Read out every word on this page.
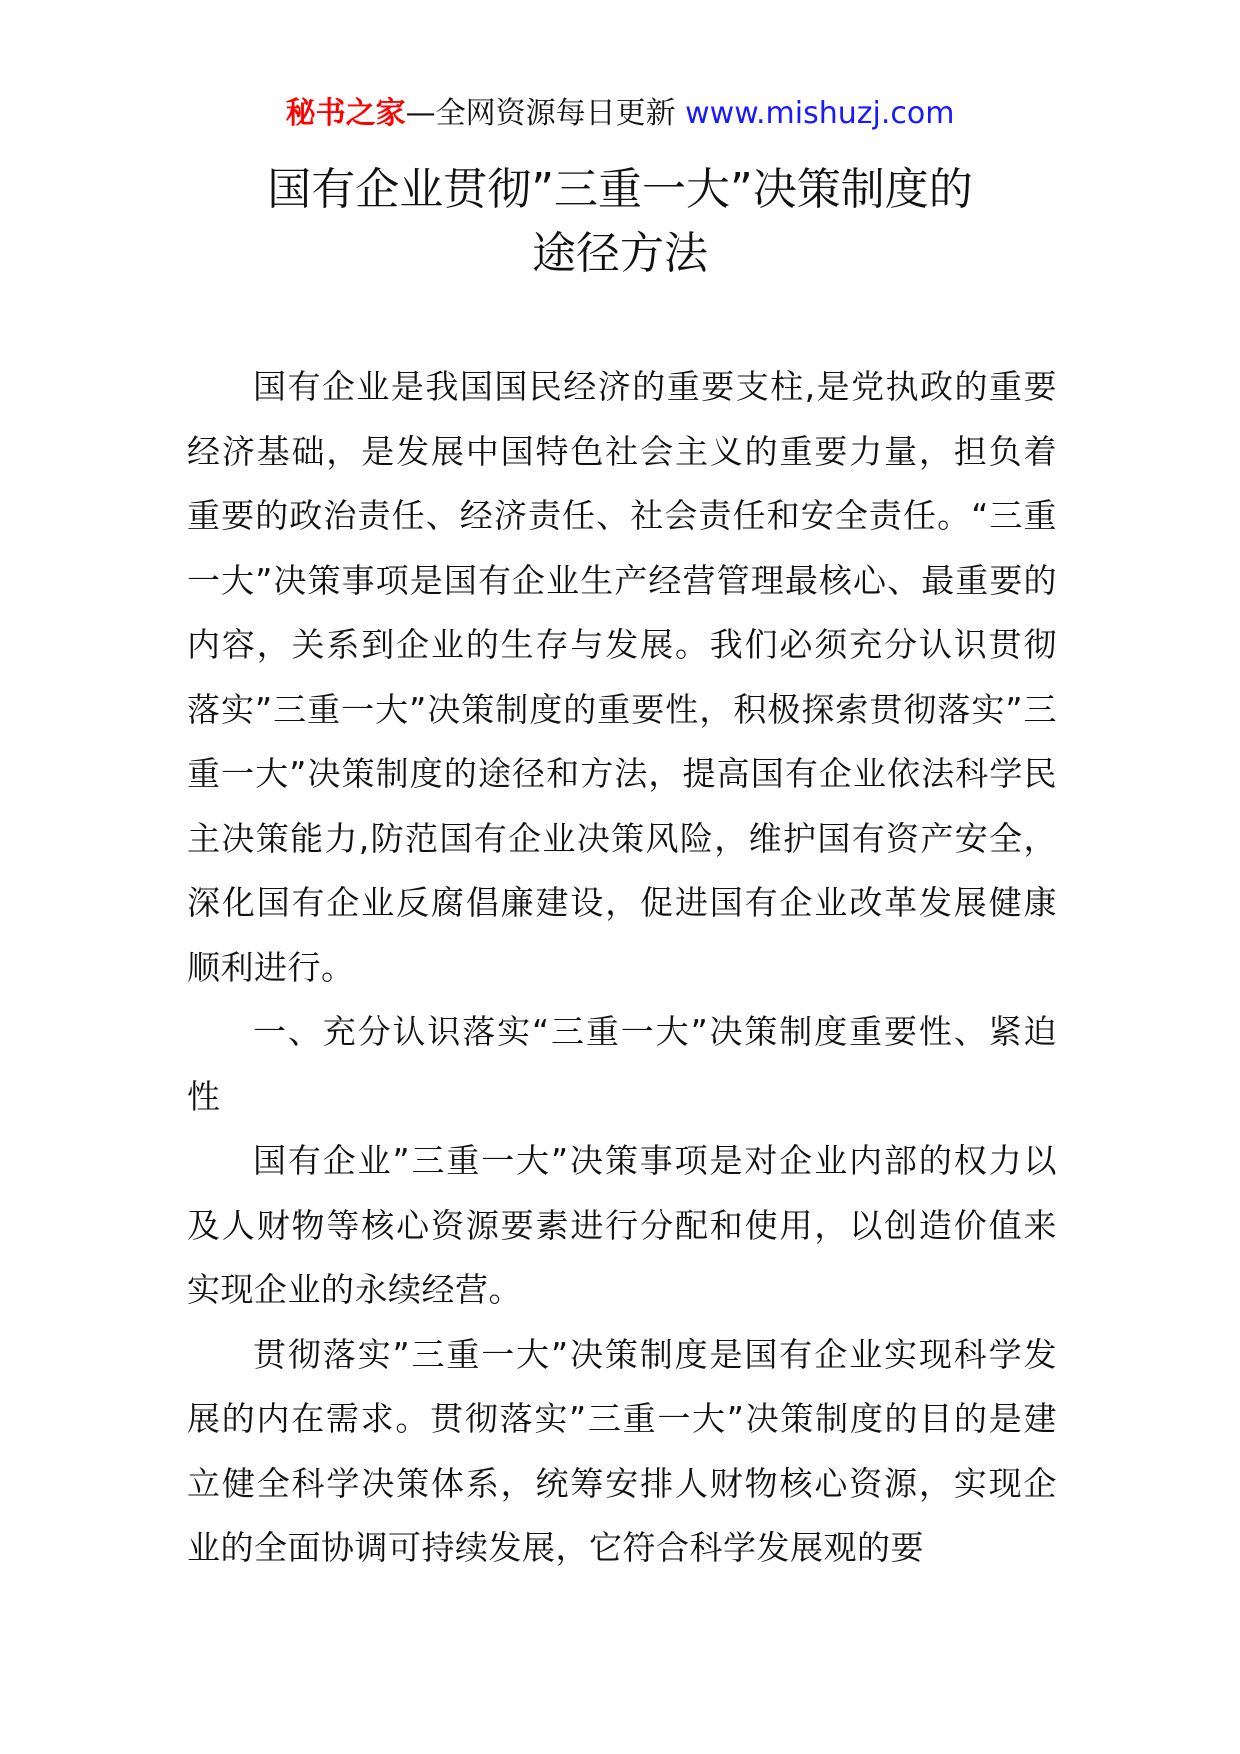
秘书之家—全网资源每日更新 www.mishuzj.com
国有企业贯彻”三重一大”决策制度的
途径方法

国有企业是我国国民经济的重要支柱,是党执政的重要经济基础，是发展中国特色社会主义的重要力量，担负着重要的政治责任、经济责任、社会责任和安全责任。“三重一大”决策事项是国有企业生产经营管理最核心、最重要的内容，关系到企业的生存与发展。我们必须充分认识贯彻落实”三重一大”决策制度的重要性，积极探索贯彻落实”三重一大”决策制度的途径和方法，提高国有企业依法科学民主决策能力,防范国有企业决策风险，维护国有资产安全，深化国有企业反腐倡廉建设，促进国有企业改革发展健康顺利进行。

一、充分认识落实“三重一大”决策制度重要性、紧迫性

国有企业”三重一大”决策事项是对企业内部的权力以及人财物等核心资源要素进行分配和使用，以创造价值来实现企业的永续经营。

贯彻落实”三重一大”决策制度是国有企业实现科学发展的内在需求。贯彻落实”三重一大”决策制度的目的是建立健全科学决策体系，统筹安排人财物核心资源，实现企业的全面协调可持续发展，它符合科学发展观的要
